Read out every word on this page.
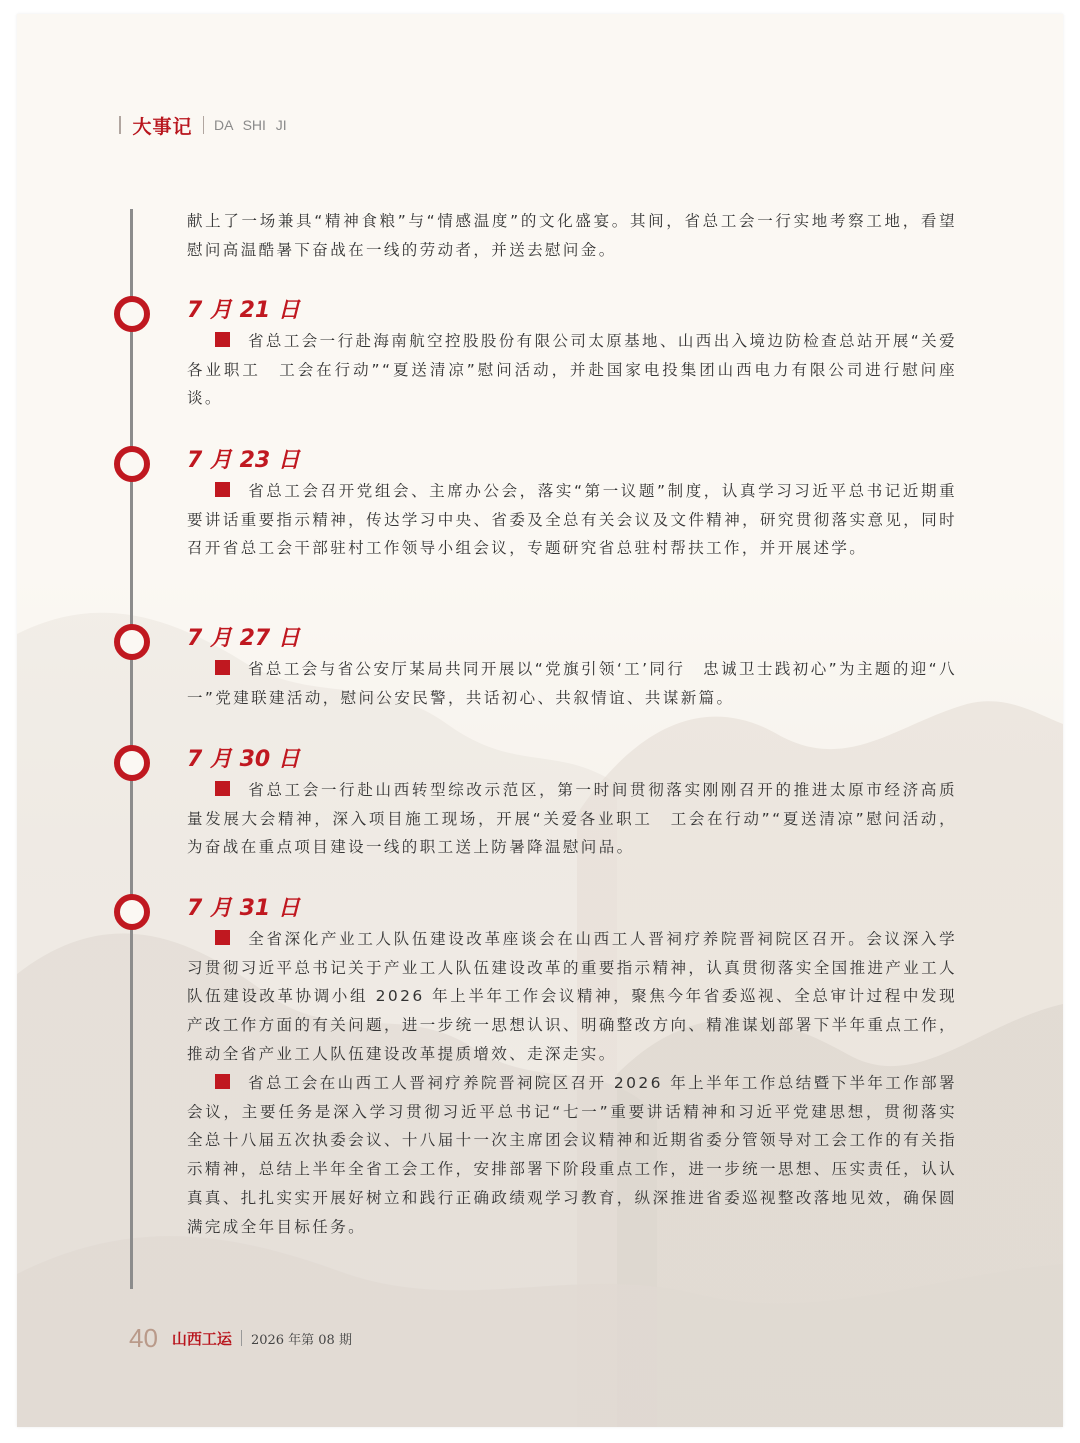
大事记 DA SHI JI
献上了一场兼具“精神食粮”与“情感温度”的文化盛宴。其间，省总工会一行实地考察工地，看望慰问高温酷暑下奋战在一线的劳动者，并送去慰问金。
7 月 21 日
省总工会一行赴海南航空控股股份有限公司太原基地、山西出入境边防检查总站开展“关爱各业职工　工会在行动”“夏送清凉”慰问活动，并赴国家电投集团山西电力有限公司进行慰问座谈。
7 月 23 日
省总工会召开党组会、主席办公会，落实“第一议题”制度，认真学习习近平总书记近期重要讲话重要指示精神，传达学习中央、省委及全总有关会议及文件精神，研究贯彻落实意见，同时召开省总工会干部驻村工作领导小组会议，专题研究省总驻村帮扶工作，并开展述学。
7 月 27 日
省总工会与省公安厅某局共同开展以“党旗引领‘工’同行　忠诚卫士践初心”为主题的迎“八一”党建联建活动，慰问公安民警，共话初心、共叙情谊、共谋新篇。
7 月 30 日
省总工会一行赴山西转型综改示范区，第一时间贯彻落实刚刚召开的推进太原市经济高质量发展大会精神，深入项目施工现场，开展“关爱各业职工　工会在行动”“夏送清凉”慰问活动，为奋战在重点项目建设一线的职工送上防暑降温慰问品。
7 月 31 日
全省深化产业工人队伍建设改革座谈会在山西工人晋祠疗养院晋祠院区召开。会议深入学习贯彻习近平总书记关于产业工人队伍建设改革的重要指示精神，认真贯彻落实全国推进产业工人队伍建设改革协调小组 2026 年上半年工作会议精神，聚焦今年省委巡视、全总审计过程中发现产改工作方面的有关问题，进一步统一思想认识、明确整改方向、精准谋划部署下半年重点工作，推动全省产业工人队伍建设改革提质增效、走深走实。
省总工会在山西工人晋祠疗养院晋祠院区召开 2026 年上半年工作总结暨下半年工作部署会议，主要任务是深入学习贯彻习近平总书记“七一”重要讲话精神和习近平党建思想，贯彻落实全总十八届五次执委会议、十八届十一次主席团会议精神和近期省委分管领导对工会工作的有关指示精神，总结上半年全省工会工作，安排部署下阶段重点工作，进一步统一思想、压实责任，认认真真、扎扎实实开展好树立和践行正确政绩观学习教育，纵深推进省委巡视整改落地见效，确保圆满完成全年目标任务。
40 山西工运 2026 年第 08 期
